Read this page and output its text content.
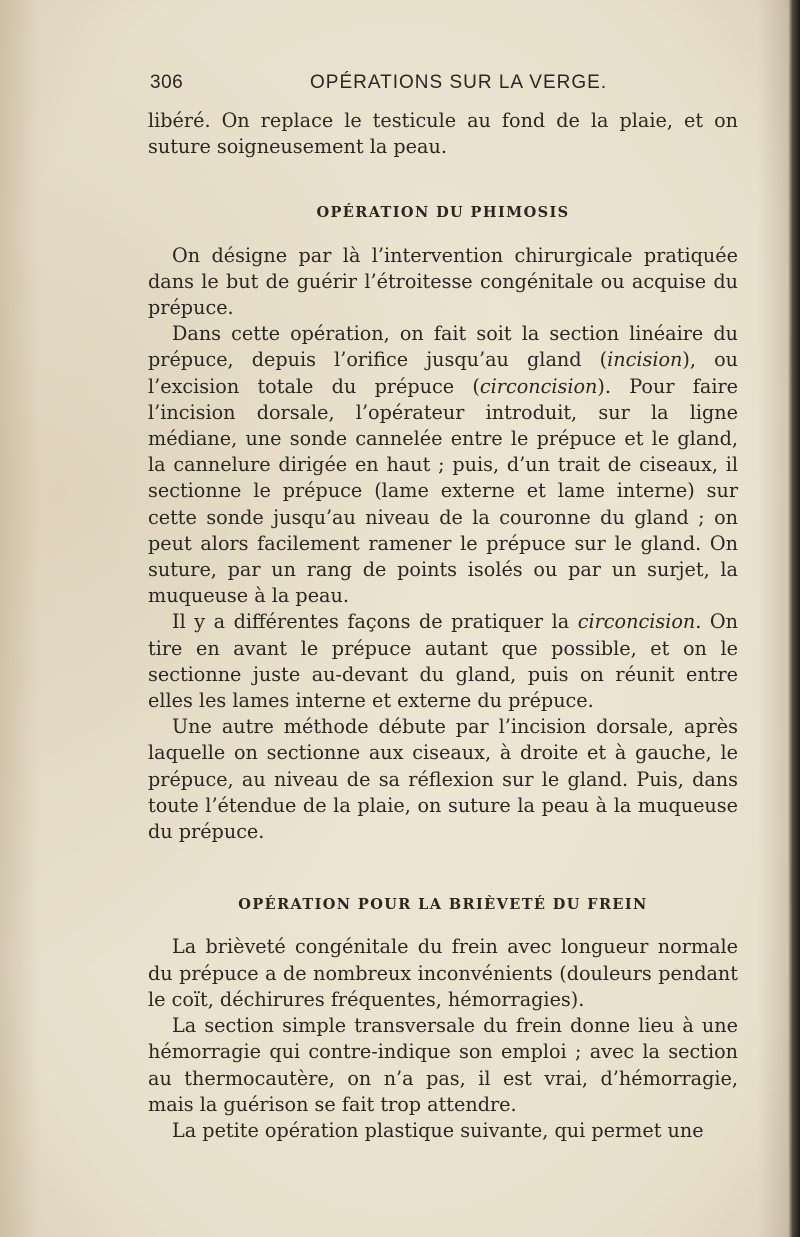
306	OPÉRATIONS SUR LA VERGE.

libéré. On replace le testicule au fond de la plaie, et on suture soigneusement la peau.

OPÉRATION DU PHIMOSIS

On désigne par là l’intervention chirurgicale pratiquée dans le but de guérir l’étroitesse congénitale ou acquise du prépuce.

Dans cette opération, on fait soit la section linéaire du prépuce, depuis l’orifice jusqu’au gland (incision), ou l’excision totale du prépuce (circoncision). Pour faire l’incision dorsale, l’opérateur introduit, sur la ligne médiane, une sonde cannelée entre le prépuce et le gland, la cannelure dirigée en haut ; puis, d’un trait de ciseaux, il sectionne le prépuce (lame externe et lame interne) sur cette sonde jusqu’au niveau de la couronne du gland ; on peut alors facilement ramener le prépuce sur le gland. On suture, par un rang de points isolés ou par un surjet, la muqueuse à la peau.

Il y a différentes façons de pratiquer la circoncision. On tire en avant le prépuce autant que possible, et on le sectionne juste au-devant du gland, puis on réunit entre elles les lames interne et externe du prépuce.

Une autre méthode débute par l’incision dorsale, après laquelle on sectionne aux ciseaux, à droite et à gauche, le prépuce, au niveau de sa réflexion sur le gland. Puis, dans toute l’étendue de la plaie, on suture la peau à la muqueuse du prépuce.

OPÉRATION POUR LA BRIÈVETÉ DU FREIN

La brièveté congénitale du frein avec longueur normale du prépuce a de nombreux inconvénients (douleurs pendant le coït, déchirures fréquentes, hémorragies).

La section simple transversale du frein donne lieu à une hémorragie qui contre-indique son emploi ; avec la section au thermocautère, on n’a pas, il est vrai, d’hémorragie, mais la guérison se fait trop attendre.

La petite opération plastique suivante, qui permet une
